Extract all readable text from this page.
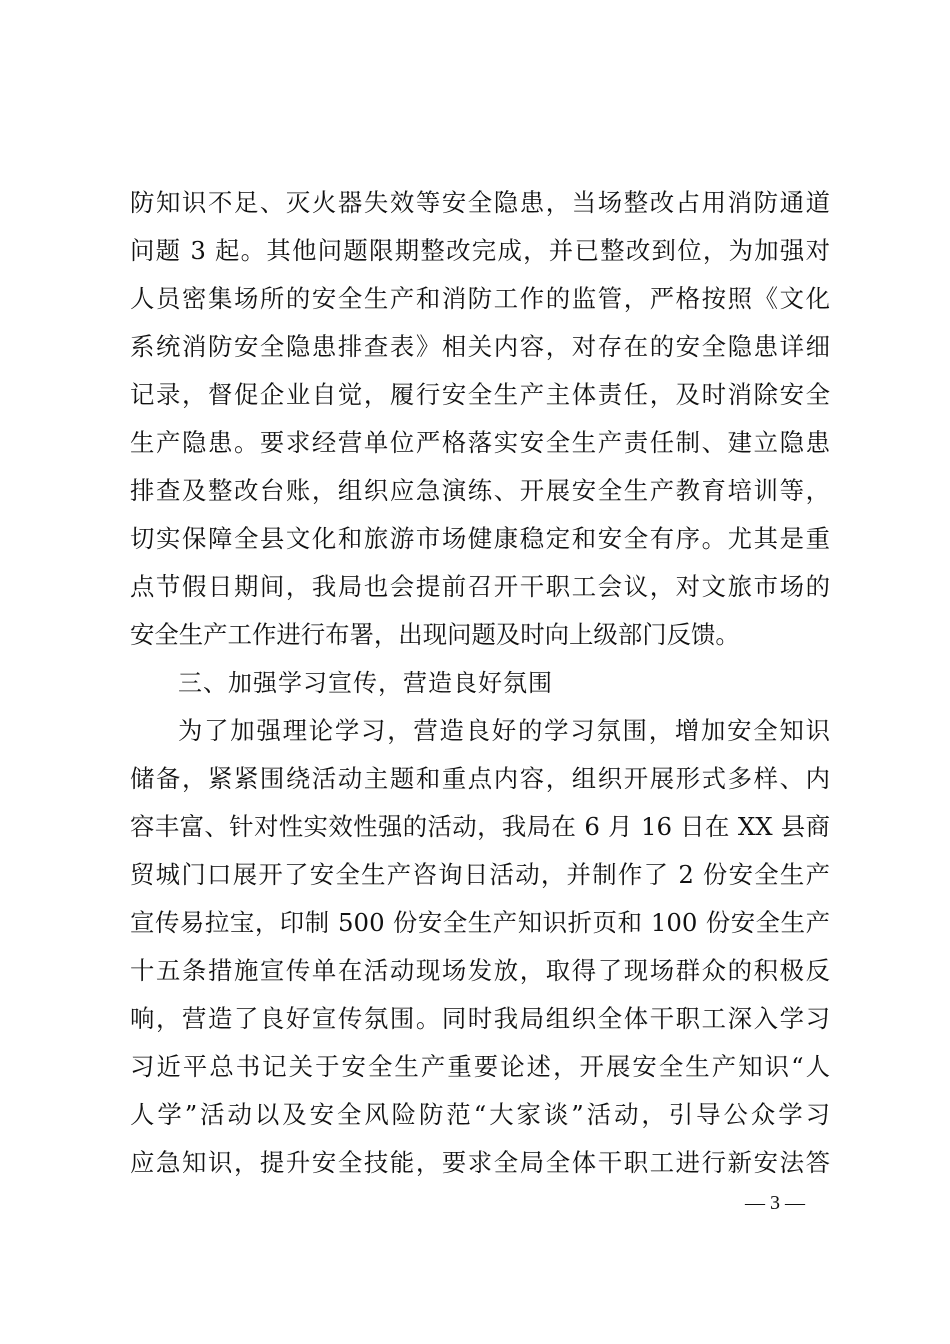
防知识不足、灭火器失效等安全隐患，当场整改占用消防通道
问题 3 起。其他问题限期整改完成，并已整改到位，为加强对
人员密集场所的安全生产和消防工作的监管，严格按照《文化
系统消防安全隐患排查表》相关内容，对存在的安全隐患详细
记录，督促企业自觉，履行安全生产主体责任，及时消除安全
生产隐患。要求经营单位严格落实安全生产责任制、建立隐患
排查及整改台账，组织应急演练、开展安全生产教育培训等，
切实保障全县文化和旅游市场健康稳定和安全有序。尤其是重
点节假日期间，我局也会提前召开干职工会议，对文旅市场的
安全生产工作进行布署，出现问题及时向上级部门反馈。
三、加强学习宣传，营造良好氛围
为了加强理论学习，营造良好的学习氛围，增加安全知识
储备，紧紧围绕活动主题和重点内容，组织开展形式多样、内
容丰富、针对性实效性强的活动，我局在 6 月 16 日在 XX 县商
贸城门口展开了安全生产咨询日活动，并制作了 2 份安全生产
宣传易拉宝，印制 500 份安全生产知识折页和 100 份安全生产
十五条措施宣传单在活动现场发放，取得了现场群众的积极反
响，营造了良好宣传氛围。同时我局组织全体干职工深入学习
习近平总书记关于安全生产重要论述，开展安全生产知识“人
人学”活动以及安全风险防范“大家谈”活动，引导公众学习
应急知识，提升安全技能，要求全局全体干职工进行新安法答
— 3 —
